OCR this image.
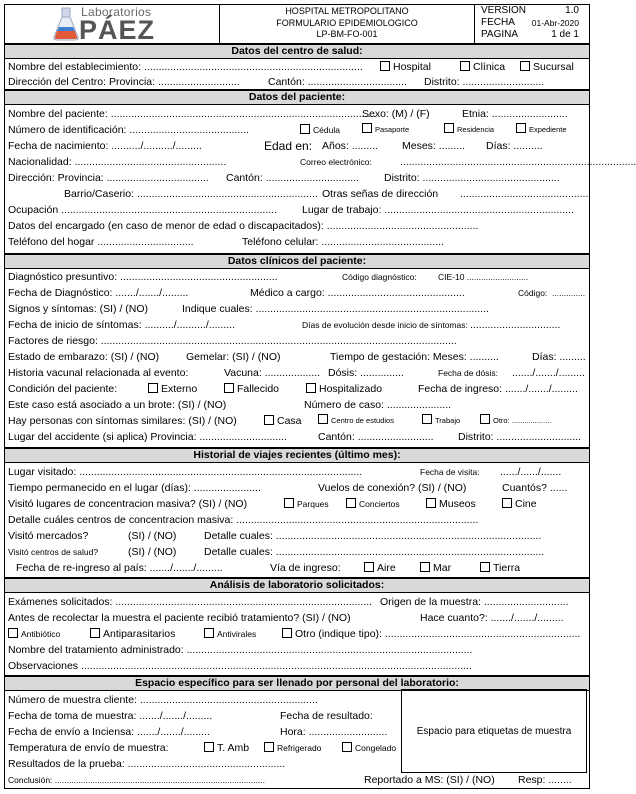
Laboratorios
PÁEZ
HOSPITAL METROPOLITANO
FORMULARIO EPIDEMIOLOGICO
LP-BM-FO-001
VERSION	1.0
FECHA 01-Abr-2020
PAGINA	1 de 1
Datos del centro de salud:
Nombre del establecimiento: ...........................................................................	Hospital	Clínica	Sucursal
Dirección del Centro: Provincia: ............................	Cantón: .................................. Distrito: ............................
Datos del paciente:
Nombre del paciente: ...........................................................................................
Sexo: (M) / (F)	Etnia: ..........................
Número de identificación: .........................................	Cédula	Pasaporte	Residencia	Expediente
Fecha de nacimiento: ........../........../.........	Edad en: Años: ......... Meses: ......... Días: ..........
Nacionalidad: ....................................................	Correo electrónico:	.................................................................................
Dirección: Provincia: ................................... Cantón: ................................ Distrito: ...............................................
Barrio/Caserio: .............................................................. Otras señas de dirección ............................................
Ocupación .......................................................................... Lugar de trabajo: .................................................................
Datos del encargado (en caso de menor de edad o discapacitados): ....................................................
Teléfono del hogar .................................	Teléfono celular: ..........................................
Datos clínicos del paciente:
Diagnóstico presuntivo: ......................................................	Código diagnóstico:	CIE-10 ..........................
Fecha de Diagnóstico: ......./......./.........	Médico a cargo: ...............................................	Código: ..............
Signos y síntomas: (SI) / (NO)	Indique cuales: ................................................................................
Fecha de inicio de síntomas: ........../........../.........	Días de evolución desde inicio de síntomas: ...............................
Factores de riesgo: ..........................................................................................................................
Estado de embarazo: (SI) / (NO)	Gemelar: (SI) / (NO)	Tiempo de gestación: Meses: ..........	Días: .........
Historia vacunal relacionada al evento:	Vacuna: ................... Dósis: ...............	Fecha de dósis: ......./......./.........
Condición del paciente:	Externo	Fallecido	Hospitalizado	Fecha de ingreso: ......./......./.........
Este caso está asociado a un brote: (SI) / (NO)	Número de caso: ......................
Hay personas con síntomas similares: (SI) / (NO)	Casa	Centro de estudios	Trabajo	Otro: ...................
Lugar del accidente (si aplica) Provincia: ..............................	Cantón: .......................... Distrito: .............................
Historial de viajes recientes (último mes):
Lugar visitado: .................................................................................................	Fecha de visita: ....../....../.......
Tiempo permanecido en el lugar (días): .......................	Vuelos de conexión? (SI) / (NO)	Cuantós? ......
Visitó lugares de concentracion masiva? (SI) / (NO)	Parques	Conciertos	Museos	Cine
Detalle cuáles centros de concentracion masiva: ...................................................................................
Visitó mercados?	(SI) / (NO)	Detalle cuales: ...........................................................................................
Visitó centros de salud?	(SI) / (NO)	Detalle cuales: ............................................................................................
Fecha de re-ingreso al país: ......./......./.........	Vía de ingreso:	Aire	Mar	Tierra
Análisis de laboratorio solicitados:
Exámenes solicitados: ........................................................................................ Origen de la muestra: .............................
Antes de recolectar la muestra el paciente recibió tratamiento? (SI) / (NO)	Hace cuanto?: ......./......./.........
Antibiótico	Antiparasitarios	Antivirales	Otro (indique tipo): ...................................................................
Nombre del tratamiento administrado: ..................................................................................................
Observaciones ......................................................................................................................................
Espacio específico para ser llenado por personal del laboratorio:
Número de muestra cliente: .............................................................
Fecha de toma de muestra: ......./......./.........	Fecha de resultado:
Fecha de envío a Inciensa: ......./......./.........	Hora: ...........................
Temperatura de envío de muestra:	T. Amb	Refrigerado	Congelado
Resultados de la prueba: ......................................................
Conclusión: .........................................................................................	Reportado a MS: (SI) / (NO) Resp: ........
Espacio para etiquetas de muestra
